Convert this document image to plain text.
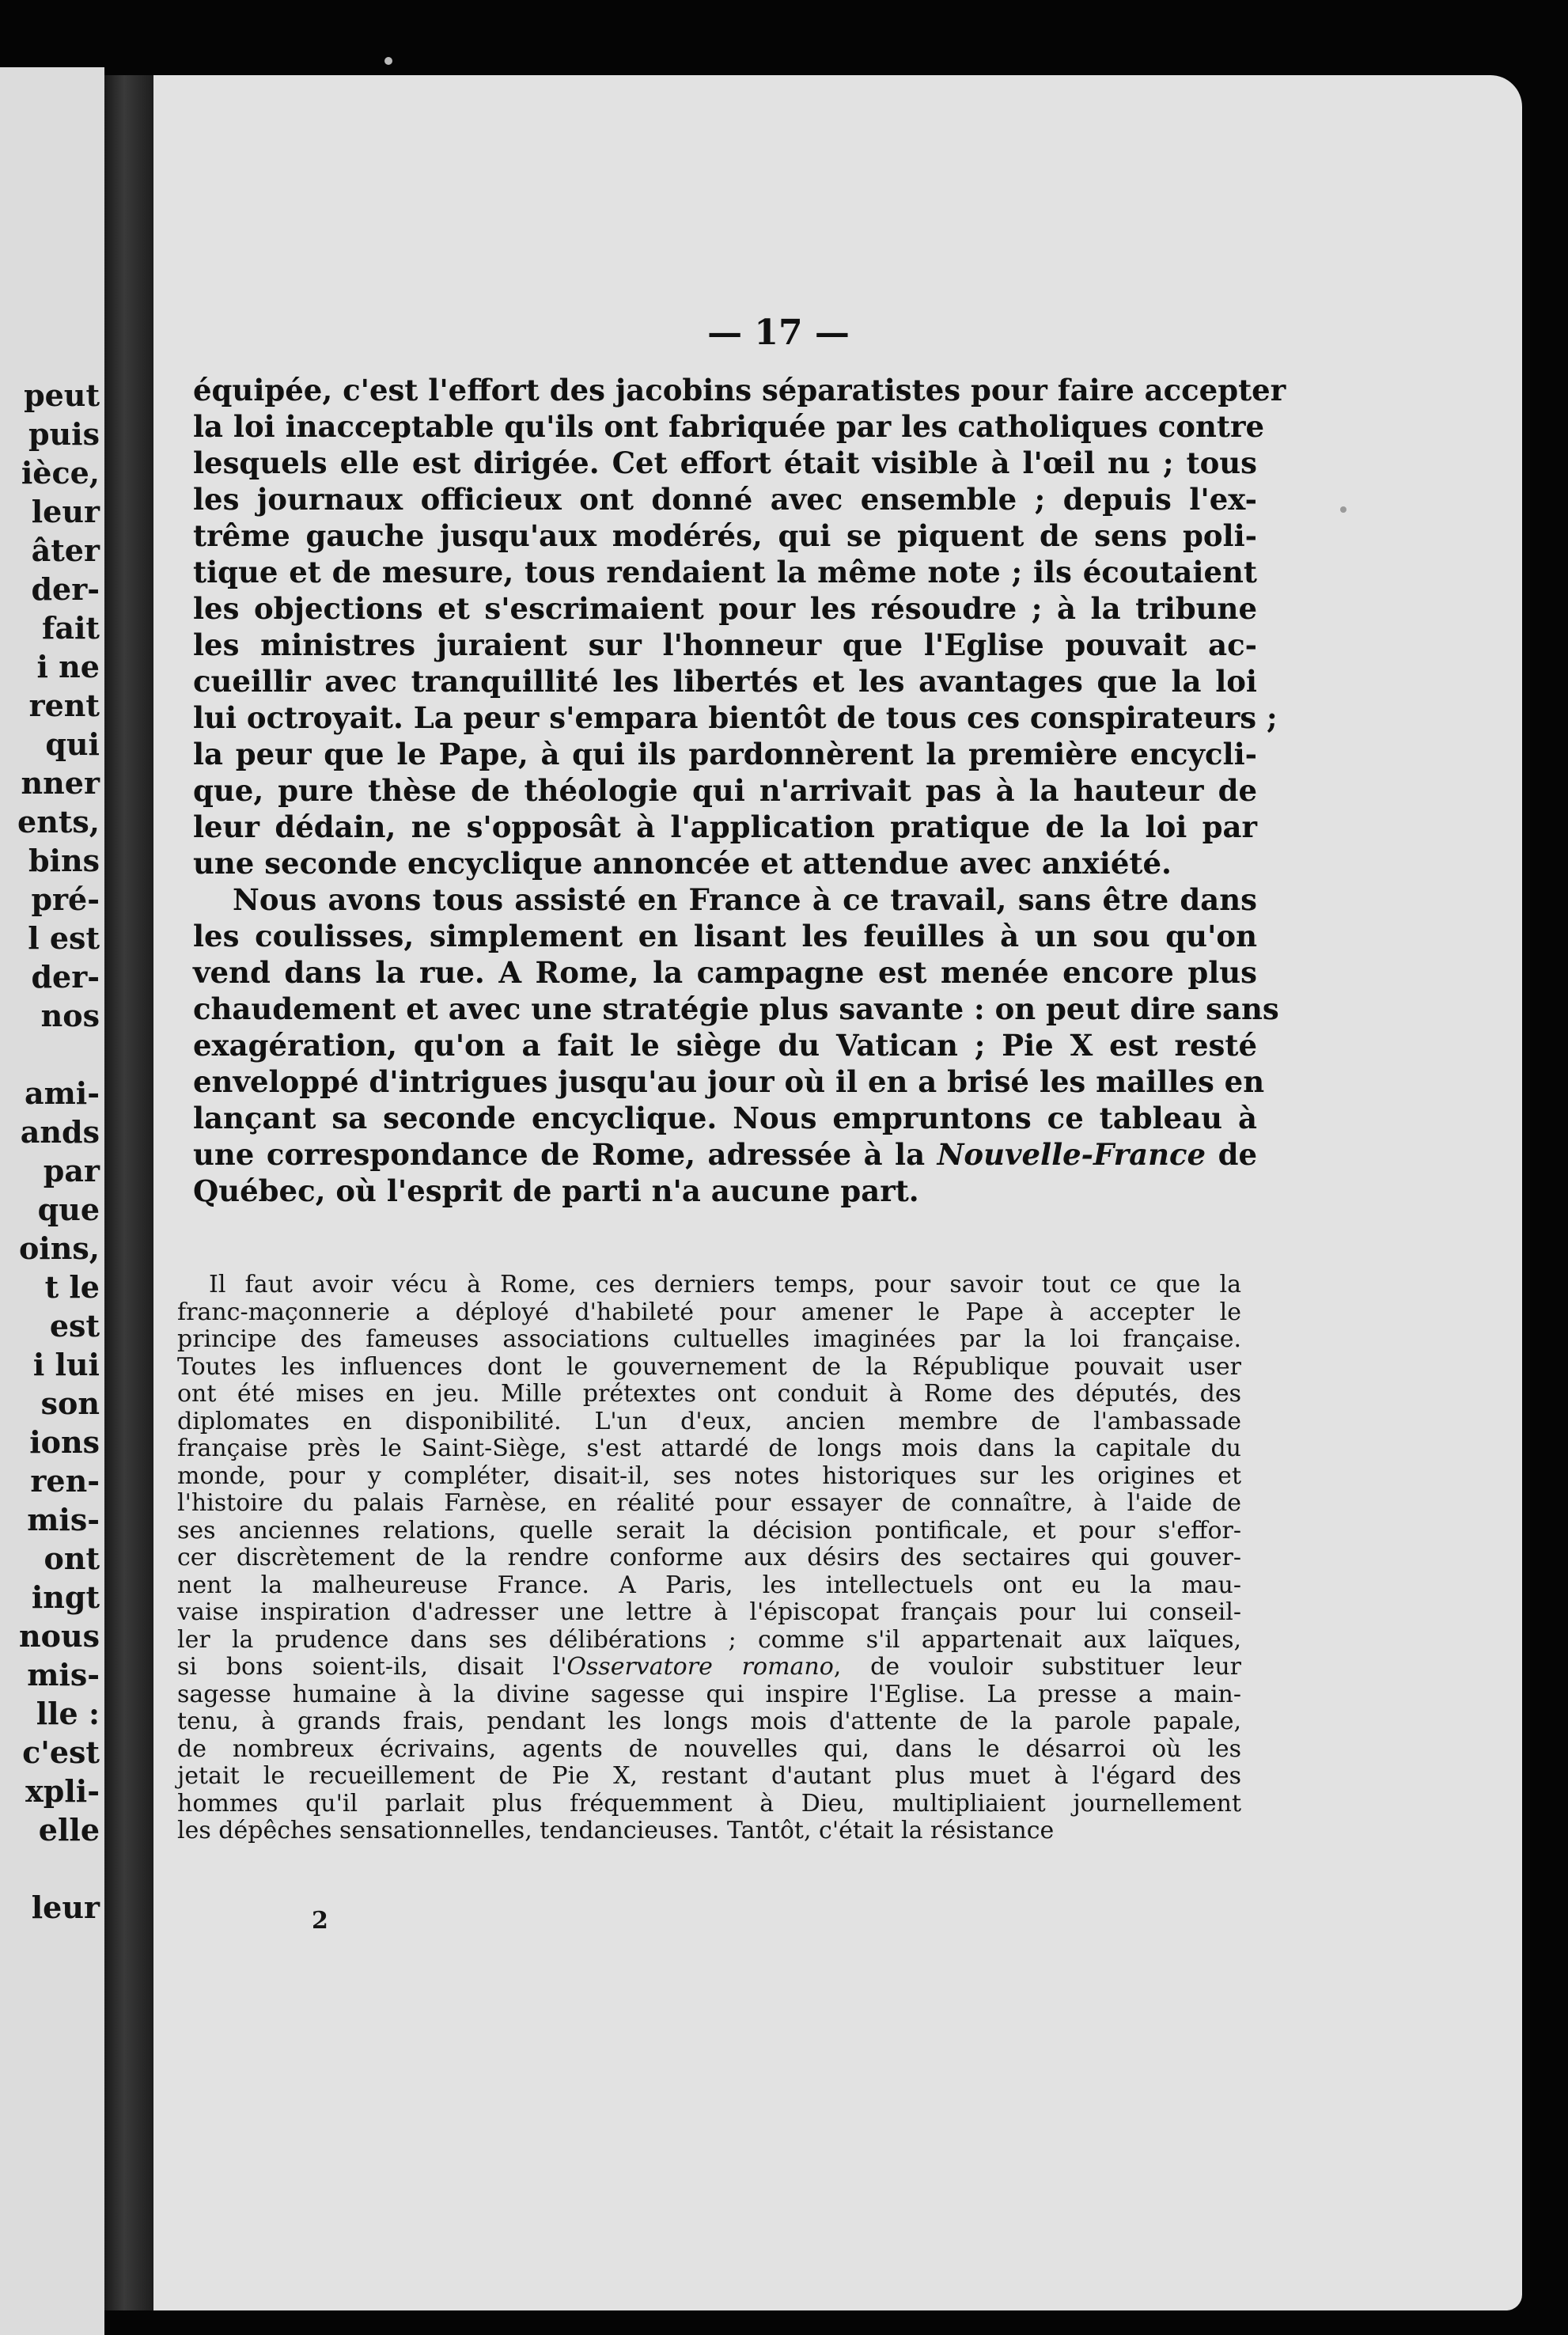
peut
puis
ièce,
leur
âter
der-
fait
i ne
rent
qui
nner
ents,
bins
pré-
l est
der-
nos

ami-
ands
par
que
oins,
t le
est
i lui
son
ions
ren-
mis-
ont
ingt
nous
mis-
lle :
c'est
xpli-
elle

leur
— 17 —
équipée, c'est l'effort des jacobins séparatistes pour faire accepter
la loi inacceptable qu'ils ont fabriquée par les catholiques contre
lesquels elle est dirigée. Cet effort était visible à l'œil nu ; tous
les journaux officieux ont donné avec ensemble ; depuis l'ex-
trême gauche jusqu'aux modérés, qui se piquent de sens poli-
tique et de mesure, tous rendaient la même note ; ils écoutaient
les objections et s'escrimaient pour les résoudre ; à la tribune
les ministres juraient sur l'honneur que l'Eglise pouvait ac-
cueillir avec tranquillité les libertés et les avantages que la loi
lui octroyait. La peur s'empara bientôt de tous ces conspirateurs ;
la peur que le Pape, à qui ils pardonnèrent la première encycli-
que, pure thèse de théologie qui n'arrivait pas à la hauteur de
leur dédain, ne s'opposât à l'application pratique de la loi par
une seconde encyclique annoncée et attendue avec anxiété.
Nous avons tous assisté en France à ce travail, sans être dans
les coulisses, simplement en lisant les feuilles à un sou qu'on
vend dans la rue. A Rome, la campagne est menée encore plus
chaudement et avec une stratégie plus savante : on peut dire sans
exagération, qu'on a fait le siège du Vatican ; Pie X est resté
enveloppé d'intrigues jusqu'au jour où il en a brisé les mailles en
lançant sa seconde encyclique. Nous empruntons ce tableau à
une correspondance de Rome, adressée à la Nouvelle-France de
Québec, où l'esprit de parti n'a aucune part.
Il faut avoir vécu à Rome, ces derniers temps, pour savoir tout ce que la
franc-maçonnerie a déployé d'habileté pour amener le Pape à accepter le
principe des fameuses associations cultuelles imaginées par la loi française.
Toutes les influences dont le gouvernement de la République pouvait user
ont été mises en jeu. Mille prétextes ont conduit à Rome des députés, des
diplomates en disponibilité. L'un d'eux, ancien membre de l'ambassade
française près le Saint-Siège, s'est attardé de longs mois dans la capitale du
monde, pour y compléter, disait-il, ses notes historiques sur les origines et
l'histoire du palais Farnèse, en réalité pour essayer de connaître, à l'aide de
ses anciennes relations, quelle serait la décision pontificale, et pour s'effor-
cer discrètement de la rendre conforme aux désirs des sectaires qui gouver-
nent la malheureuse France. A Paris, les intellectuels ont eu la mau-
vaise inspiration d'adresser une lettre à l'épiscopat français pour lui conseil-
ler la prudence dans ses délibérations ; comme s'il appartenait aux laïques,
si bons soient-ils, disait l'Osservatore romano, de vouloir substituer leur
sagesse humaine à la divine sagesse qui inspire l'Eglise. La presse a main-
tenu, à grands frais, pendant les longs mois d'attente de la parole papale,
de nombreux écrivains, agents de nouvelles qui, dans le désarroi où les
jetait le recueillement de Pie X, restant d'autant plus muet à l'égard des
hommes qu'il parlait plus fréquemment à Dieu, multipliaient journellement
les dépêches sensationnelles, tendancieuses. Tantôt, c'était la résistance
2
